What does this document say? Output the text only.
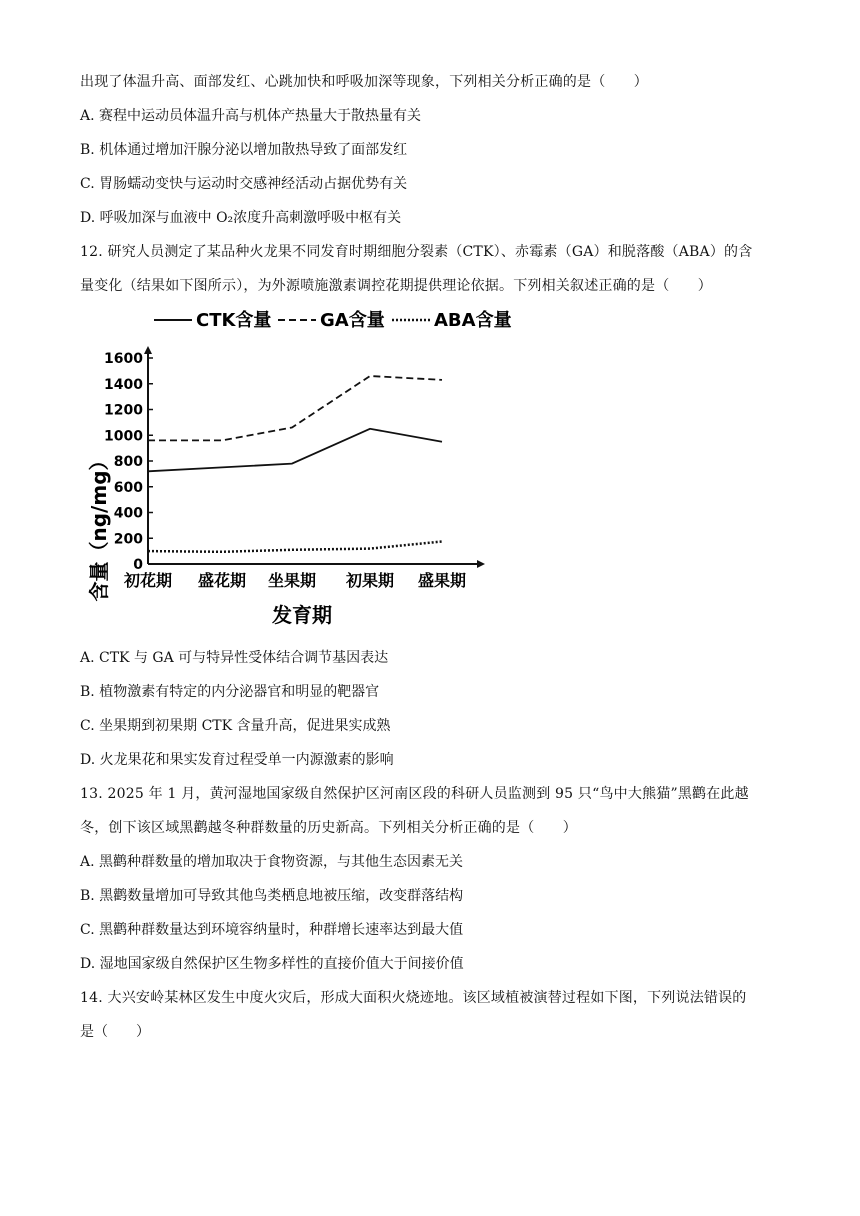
出现了体温升高、面部发红、心跳加快和呼吸加深等现象，下列相关分析正确的是（　　）
A. 赛程中运动员体温升高与机体产热量大于散热量有关
B. 机体通过增加汗腺分泌以增加散热导致了面部发红
C. 胃肠蠕动变快与运动时交感神经活动占据优势有关
D. 呼吸加深与血液中 O₂浓度升高刺激呼吸中枢有关
12. 研究人员测定了某品种火龙果不同发育时期细胞分裂素（CTK）、赤霉素（GA）和脱落酸（ABA）的含
量变化（结果如下图所示），为外源喷施激素调控花期提供理论依据。下列相关叙述正确的是（　　）
CTK含量	GA含量	ABA含量
0
200
400
600
800
1000
1200
1400
1600
初花期 盛花期 坐果期 初果期 盛果期
含量（ng/mg）
发育期
A. CTK 与 GA 可与特异性受体结合调节基因表达
B. 植物激素有特定的内分泌器官和明显的靶器官
C. 坐果期到初果期 CTK 含量升高，促进果实成熟
D. 火龙果花和果实发育过程受单一内源激素的影响
13. 2025 年 1 月，黄河湿地国家级自然保护区河南区段的科研人员监测到 95 只“鸟中大熊猫”黑鹳在此越
冬，创下该区域黑鹳越冬种群数量的历史新高。下列相关分析正确的是（　　）
A. 黑鹳种群数量的增加取决于食物资源，与其他生态因素无关
B. 黑鹳数量增加可导致其他鸟类栖息地被压缩，改变群落结构
C. 黑鹳种群数量达到环境容纳量时，种群增长速率达到最大值
D. 湿地国家级自然保护区生物多样性的直接价值大于间接价值
14. 大兴安岭某林区发生中度火灾后，形成大面积火烧迹地。该区域植被演替过程如下图，下列说法错误的
是（　　）
